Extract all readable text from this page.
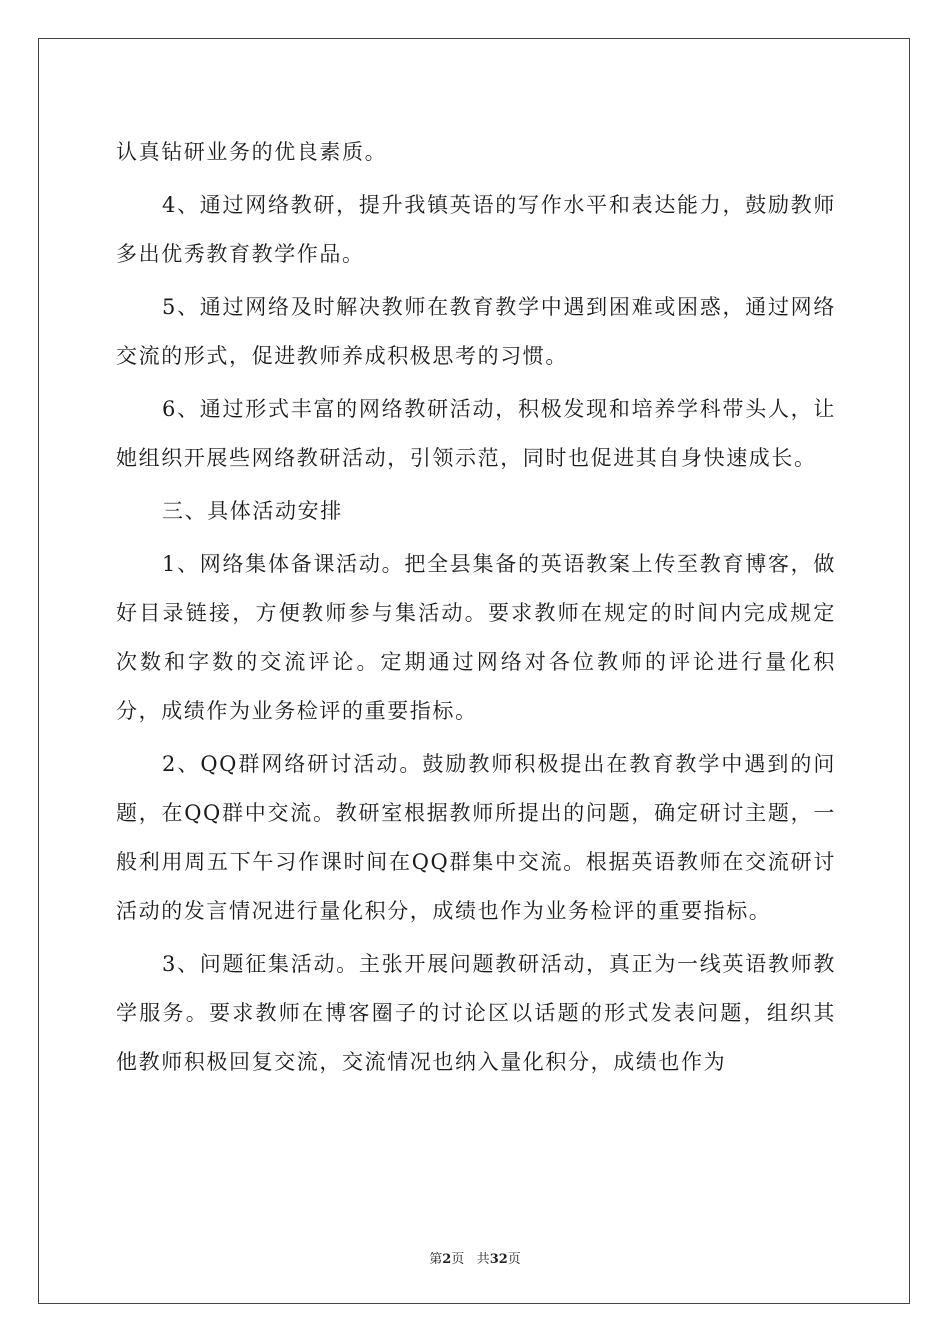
认真钻研业务的优良素质。

4、通过网络教研，提升我镇英语的写作水平和表达能力，鼓励教师多出优秀教育教学作品。

5、通过网络及时解决教师在教育教学中遇到困难或困惑，通过网络交流的形式，促进教师养成积极思考的习惯。

6、通过形式丰富的网络教研活动，积极发现和培养学科带头人，让她组织开展些网络教研活动，引领示范，同时也促进其自身快速成长。

三、具体活动安排

1、网络集体备课活动。把全县集备的英语教案上传至教育博客，做好目录链接，方便教师参与集活动。要求教师在规定的时间内完成规定次数和字数的交流评论。定期通过网络对各位教师的评论进行量化积分，成绩作为业务检评的重要指标。

2、QQ群网络研讨活动。鼓励教师积极提出在教育教学中遇到的问题，在QQ群中交流。教研室根据教师所提出的问题，确定研讨主题，一般利用周五下午习作课时间在QQ群集中交流。根据英语教师在交流研讨活动的发言情况进行量化积分，成绩也作为业务检评的重要指标。

3、问题征集活动。主张开展问题教研活动，真正为一线英语教师教学服务。要求教师在博客圈子的讨论区以话题的形式发表问题，组织其他教师积极回复交流，交流情况也纳入量化积分，成绩也作为

第2页 共32页
